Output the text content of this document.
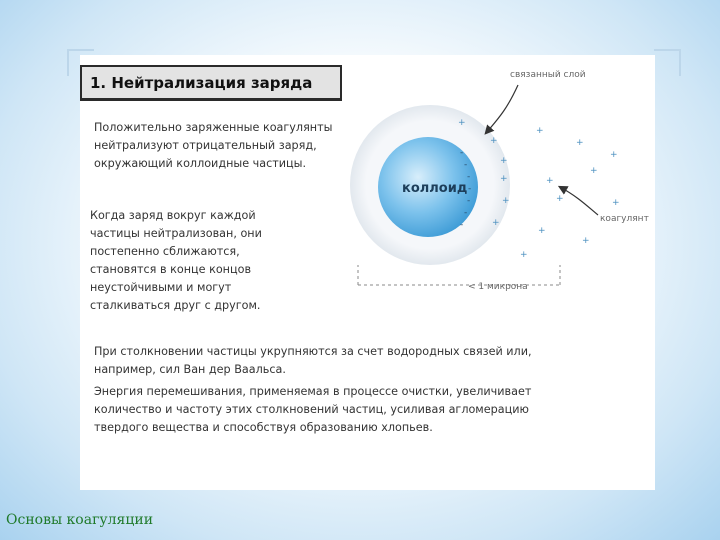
1. Нейтрализация заряда

Положительно заряженные коагулянты нейтрализуют отрицательный заряд, окружающий коллоидные частицы.

Когда заряд вокруг каждой частицы нейтрализован, они постепенно сближаются, становятся в конце концов неустойчивыми и могут сталкиваться друг с другом.

При столкновении частицы укрупняются за счет водородных связей или, например, сил Ван дер Ваальса.

Энергия перемешивания, применяемая в процессе очистки, увеличивает количество и частоту этих столкновений частиц, усиливая агломерацию твердого вещества и способствуя образованию хлопьев.

коллоид
-
-
-
-
-
-
-
+
+
+
+
+
+
+
+
+
+
+
+
+
+
+
+
связанный слой
коагулянт
< 1 микрона
Основы коагуляции
